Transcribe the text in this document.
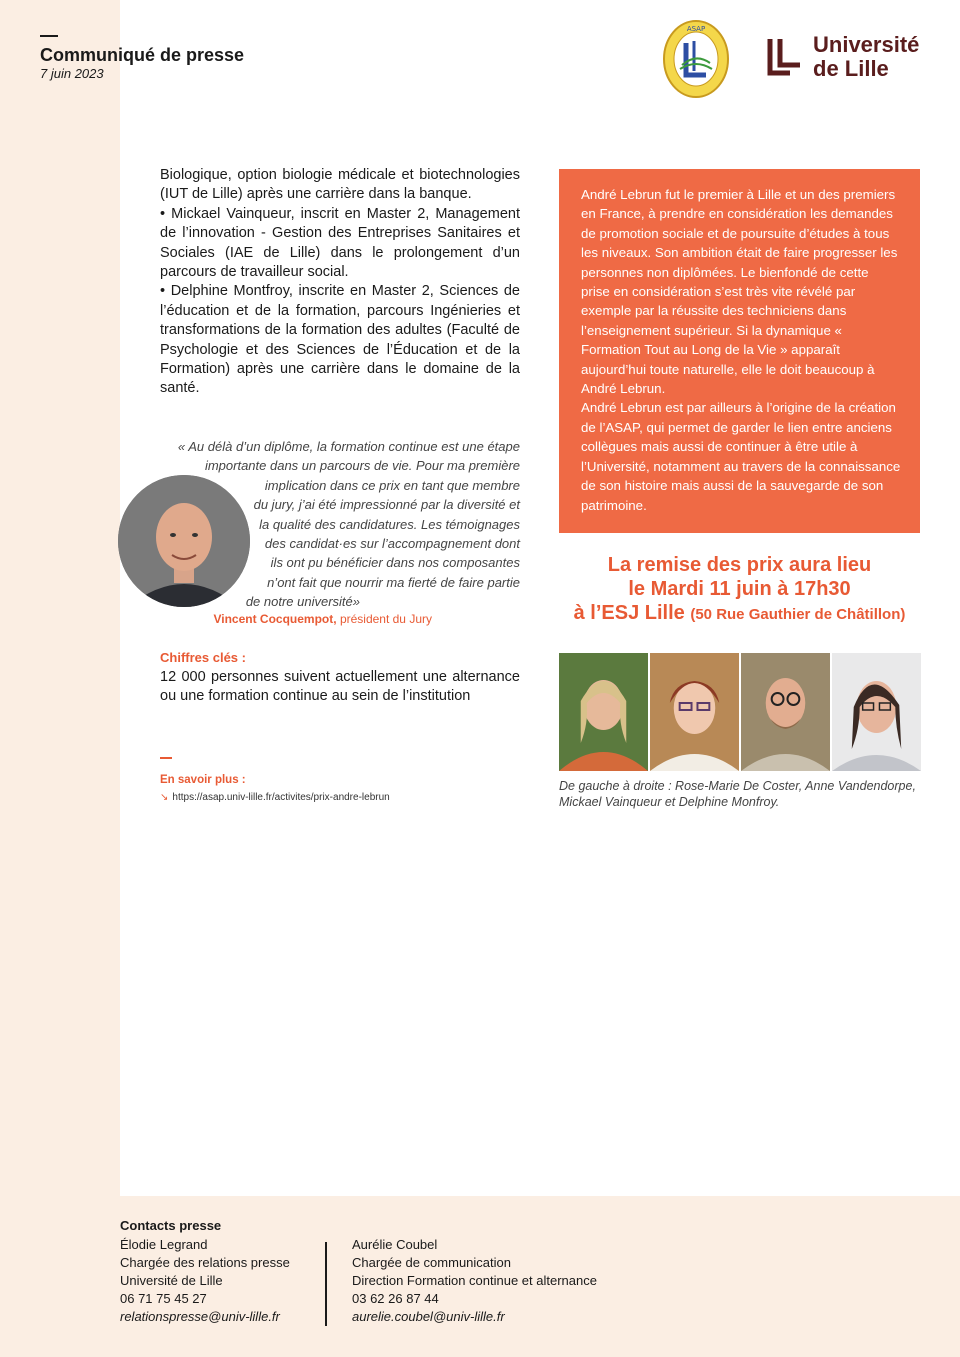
Communiqué de presse
7 juin 2023
ASAP
Université
de Lille
Biologique, option biologie médicale et biotechnologies (IUT de Lille) après une carrière dans la banque.
• Mickael Vainqueur, inscrit en Master 2, Management de l’innovation - Gestion des Entreprises Sanitaires et Sociales (IAE de Lille) dans le prolongement d’un parcours de travailleur social.
• Delphine Montfroy, inscrite en Master 2, Sciences de l’éducation et de la formation, parcours Ingénieries et transformations de la formation des adultes (Faculté de Psychologie et des Sciences de l’Éducation et de la Formation) après une carrière dans le domaine de la santé.
« Au délà d’un diplôme, la formation continue est une étape
importante dans un parcours de vie. Pour ma première
implication dans ce prix en tant que membre
du jury, j’ai été impressionné par la diversité et
la qualité des candidatures. Les témoignages
des candidat·es sur l’accompagnement dont
ils ont pu bénéficier dans nos composantes
n’ont fait que nourrir ma fierté de faire partie
de notre université»
Vincent Cocquempot, président du Jury
Chiffres clés :
12 000 personnes suivent actuellement une alternance ou une formation continue au sein de l’institution
En savoir plus :
↘ https://asap.univ-lille.fr/activites/prix-andre-lebrun
André Lebrun fut le premier à Lille et un des premiers en France, à prendre en considération les demandes de promotion sociale et de poursuite d’études à tous les niveaux. Son ambition était de faire progresser les personnes non diplômées. Le bienfondé de cette prise en considération s’est très vite révélé par exemple par la réussite des techniciens dans l’enseignement supérieur. Si la dynamique « Formation Tout au Long de la Vie » apparaît aujourd’hui toute naturelle, elle le doit beaucoup à André Lebrun.
André Lebrun est par ailleurs à l’origine de la création de l’ASAP, qui permet de garder le lien entre anciens collègues mais aussi de continuer à être utile à l’Université, notamment au travers de la connaissance de son histoire mais aussi de la sauvegarde de son patrimoine.
La remise des prix aura lieu
le Mardi 11 juin à 17h30
à l’ESJ Lille (50 Rue Gauthier de Châtillon)

De gauche à droite : Rose-Marie De Coster, Anne Vandendorpe, Mickael Vainqueur et Delphine Monfroy.

Contacts presse
Élodie Legrand
Chargée des relations presse
Université de Lille
06 71 75 45 27
relationspresse@univ-lille.fr
Aurélie Coubel
Chargée de communication
Direction Formation continue et alternance
03 62 26 87 44
aurelie.coubel@univ-lille.fr
